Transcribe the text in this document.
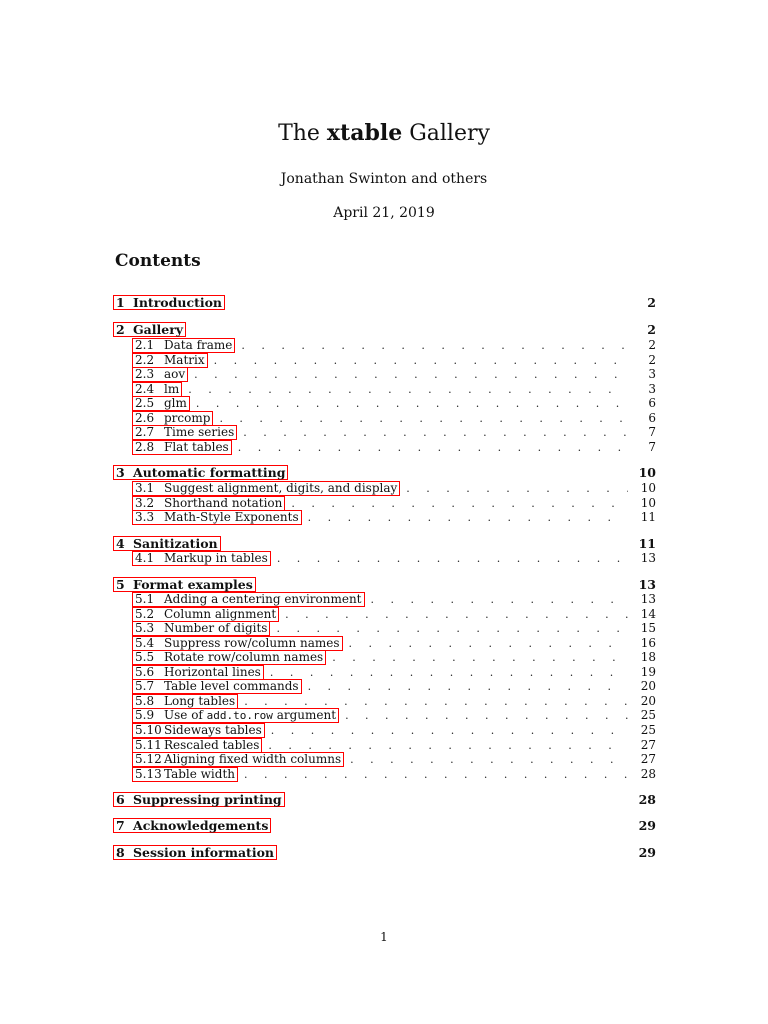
The xtable Gallery
Jonathan Swinton and others
April 21, 2019
Contents
1 Introduction	2
2 Gallery	2
2.1 Data frame . . .	2
2.2 Matrix . . .	2
2.3 aov . . .	3
2.4 lm . . .	3
2.5 glm . . .	6
2.6 prcomp . . .	6
2.7 Time series . . .	7
2.8 Flat tables . . .	7
3 Automatic formatting	10
3.1 Suggest alignment, digits, and display . . .	10
3.2 Shorthand notation . . .	10
3.3 Math-Style Exponents . . .	11
4 Sanitization	11
4.1 Markup in tables . . .	13
5 Format examples	13
5.1 Adding a centering environment . . .	13
5.2 Column alignment . . .	14
5.3 Number of digits . . .	15
5.4 Suppress row/column names . . .	16
5.5 Rotate row/column names . . .	18
5.6 Horizontal lines . . .	19
5.7 Table level commands . . .	20
5.8 Long tables . . .	20
5.9 Use of add.to.row argument . . .	25
5.10 Sideways tables . . .	25
5.11 Rescaled tables . . .	27
5.12 Aligning fixed width columns . . .	27
5.13 Table width . . .	28
6 Suppressing printing	28
7 Acknowledgements	29
8 Session information	29
1
